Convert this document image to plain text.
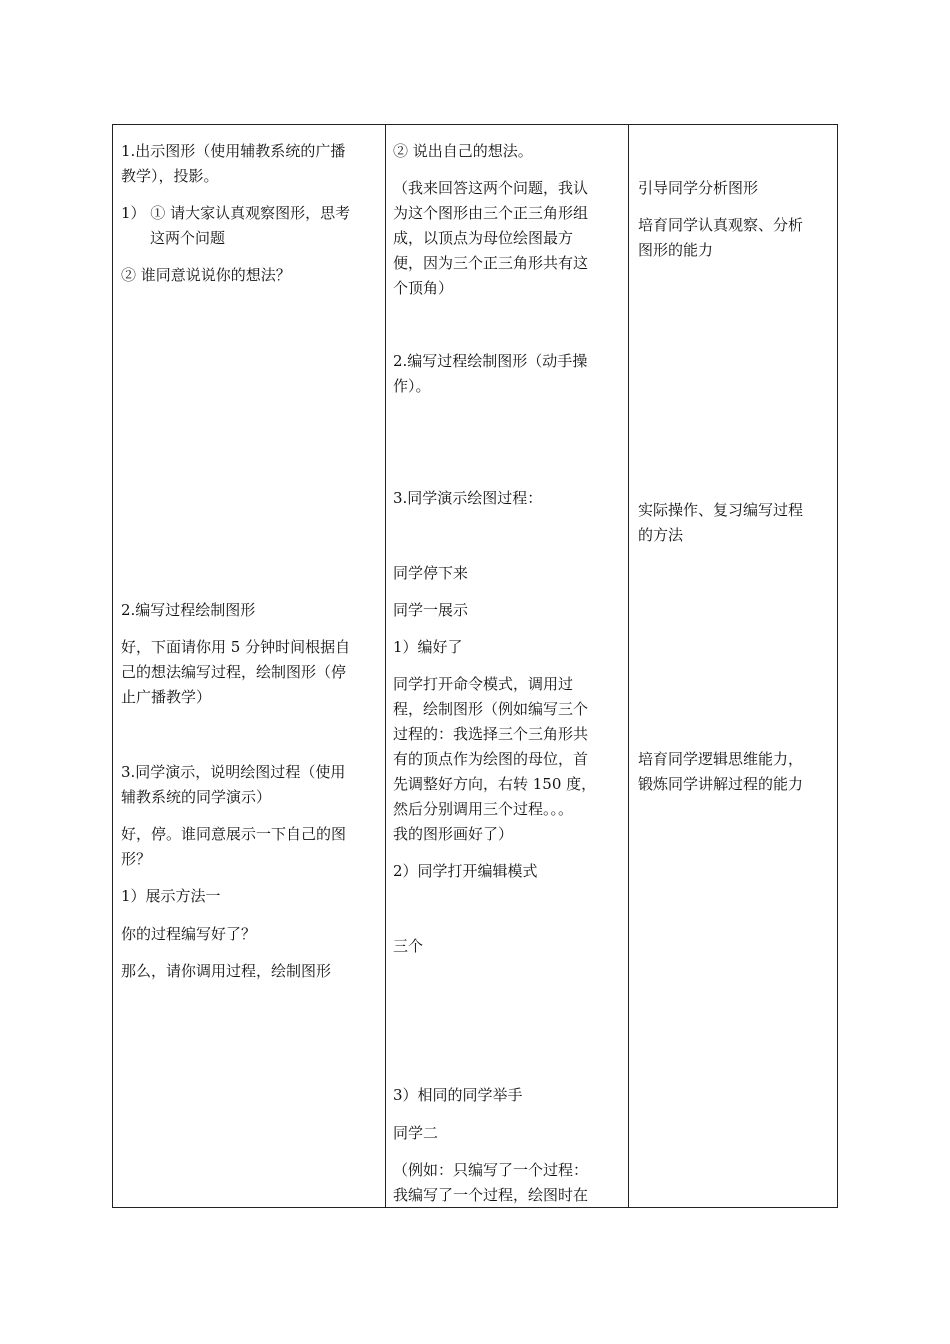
1.出示图形（使用辅教系统的广播
教学），投影。
1） ① 请大家认真观察图形，思考
这两个问题
② 谁同意说说你的想法？
2.编写过程绘制图形
好，下面请你用 5 分钟时间根据自
己的想法编写过程，绘制图形（停
止广播教学）
3.同学演示，说明绘图过程（使用
辅教系统的同学演示）
好，停。谁同意展示一下自己的图
形？
1）展示方法一
你的过程编写好了？
那么，请你调用过程，绘制图形
② 说出自己的想法。
（我来回答这两个问题，我认
为这个图形由三个正三角形组
成，以顶点为母位绘图最方
便，因为三个正三角形共有这
个顶角）
2.编写过程绘制图形（动手操
作）。
3.同学演示绘图过程：
同学停下来
同学一展示
1）编好了
同学打开命令模式，调用过
程，绘制图形（例如编写三个
过程的：我选择三个三角形共
有的顶点作为绘图的母位，首
先调整好方向，右转 150 度，
然后分别调用三个过程。。。
我的图形画好了）
2）同学打开编辑模式
三个
3）相同的同学举手
同学二
（例如：只编写了一个过程：
我编写了一个过程，绘图时在
引导同学分析图形
培育同学认真观察、分析
图形的能力
实际操作、复习编写过程
的方法
培育同学逻辑思维能力，
锻炼同学讲解过程的能力
